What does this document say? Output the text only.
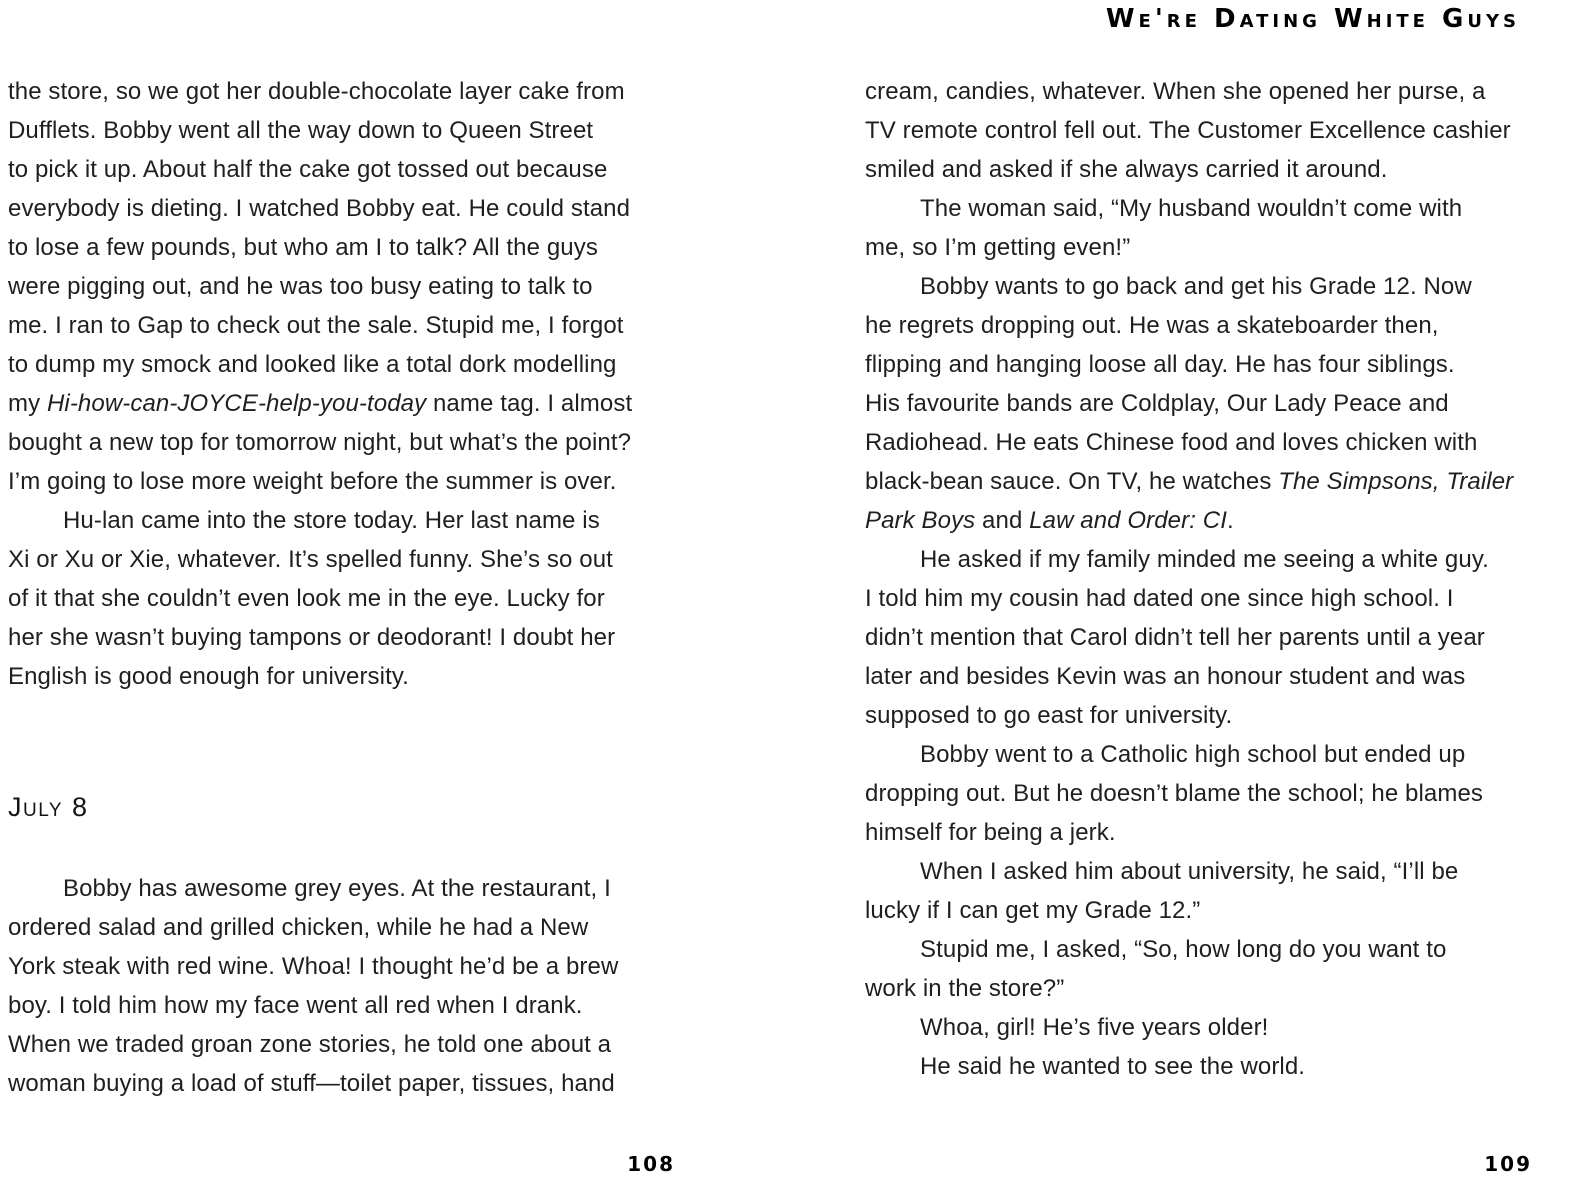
We're Dating White Guys
the store, so we got her double-chocolate layer cake from
Dufflets. Bobby went all the way down to Queen Street
to pick it up. About half the cake got tossed out because
everybody is dieting. I watched Bobby eat. He could stand
to lose a few pounds, but who am I to talk? All the guys
were pigging out, and he was too busy eating to talk to
me. I ran to Gap to check out the sale. Stupid me, I forgot
to dump my smock and looked like a total dork modelling
my Hi-how-can-JOYCE-help-you-today name tag. I almost
bought a new top for tomorrow night, but what’s the point?
I’m going to lose more weight before the summer is over.
Hu-lan came into the store today. Her last name is
Xi or Xu or Xie, whatever. It’s spelled funny. She’s so out
of it that she couldn’t even look me in the eye. Lucky for
her she wasn’t buying tampons or deodorant! I doubt her
English is good enough for university.
July 8
Bobby has awesome grey eyes. At the restaurant, I
ordered salad and grilled chicken, while he had a New
York steak with red wine. Whoa! I thought he’d be a brew
boy. I told him how my face went all red when I drank.
When we traded groan zone stories, he told one about a
woman buying a load of stuff—toilet paper, tissues, hand
108
cream, candies, whatever. When she opened her purse, a
TV remote control fell out. The Customer Excellence cashier
smiled and asked if she always carried it around.
The woman said, “My husband wouldn’t come with
me, so I’m getting even!”
Bobby wants to go back and get his Grade 12. Now
he regrets dropping out. He was a skateboarder then,
flipping and hanging loose all day. He has four siblings.
His favourite bands are Coldplay, Our Lady Peace and
Radiohead. He eats Chinese food and loves chicken with
black-bean sauce. On TV, he watches The Simpsons, Trailer
Park Boys and Law and Order: CI.
He asked if my family minded me seeing a white guy.
I told him my cousin had dated one since high school. I
didn’t mention that Carol didn’t tell her parents until a year
later and besides Kevin was an honour student and was
supposed to go east for university.
Bobby went to a Catholic high school but ended up
dropping out. But he doesn’t blame the school; he blames
himself for being a jerk.
When I asked him about university, he said, “I’ll be
lucky if I can get my Grade 12.”
Stupid me, I asked, “So, how long do you want to
work in the store?”
Whoa, girl! He’s five years older!
He said he wanted to see the world.
109
